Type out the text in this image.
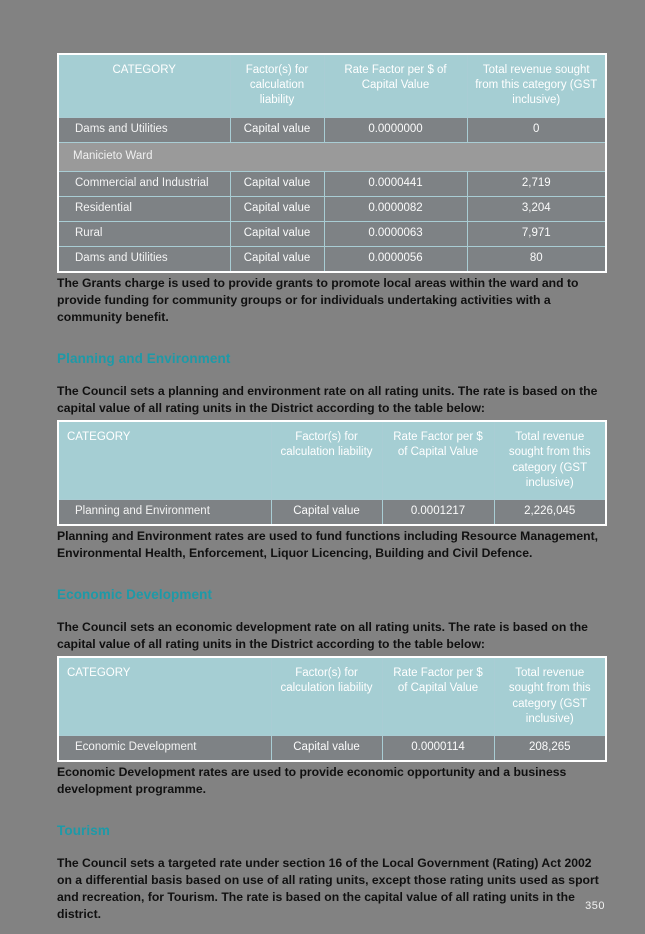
CATEGORY	Factor(s) for calculation liability	Rate Factor per $ of Capital Value	Total revenue sought from this category (GST inclusive)
Dams and Utilities	Capital value	0.0000000	0
Manicieto Ward			
Commercial and Industrial	Capital value	0.0000441	2,719
Residential	Capital value	0.0000082	3,204
Rural	Capital value	0.0000063	7,971
Dams and Utilities	Capital value	0.0000056	80

The Grants charge is used to provide grants to promote local areas within the ward and to provide funding for community groups or for individuals undertaking activities with a community benefit.

Planning and Environment

The Council sets a planning and environment rate on all rating units. The rate is based on the capital value of all rating units in the District according to the table below:

CATEGORY	Factor(s) for calculation liability	Rate Factor per $ of Capital Value	Total revenue sought from this category (GST inclusive)
Planning and Environment	Capital value	0.0001217	2,226,045

Planning and Environment rates are used to fund functions including Resource Management, Environmental Health, Enforcement, Liquor Licencing, Building and Civil Defence.

Economic Development

The Council sets an economic development rate on all rating units. The rate is based on the capital value of all rating units in the District according to the table below:

CATEGORY	Factor(s) for calculation liability	Rate Factor per $ of Capital Value	Total revenue sought from this category (GST inclusive)
Economic Development	Capital value	0.0000114	208,265

Economic Development rates are used to provide economic opportunity and a business development programme.

Tourism

The Council sets a targeted rate under section 16 of the Local Government (Rating) Act 2002 on a differential basis based on use of all rating units, except those rating units used as sport and recreation, for Tourism. The rate is based on the capital value of all rating units in the district.

350
